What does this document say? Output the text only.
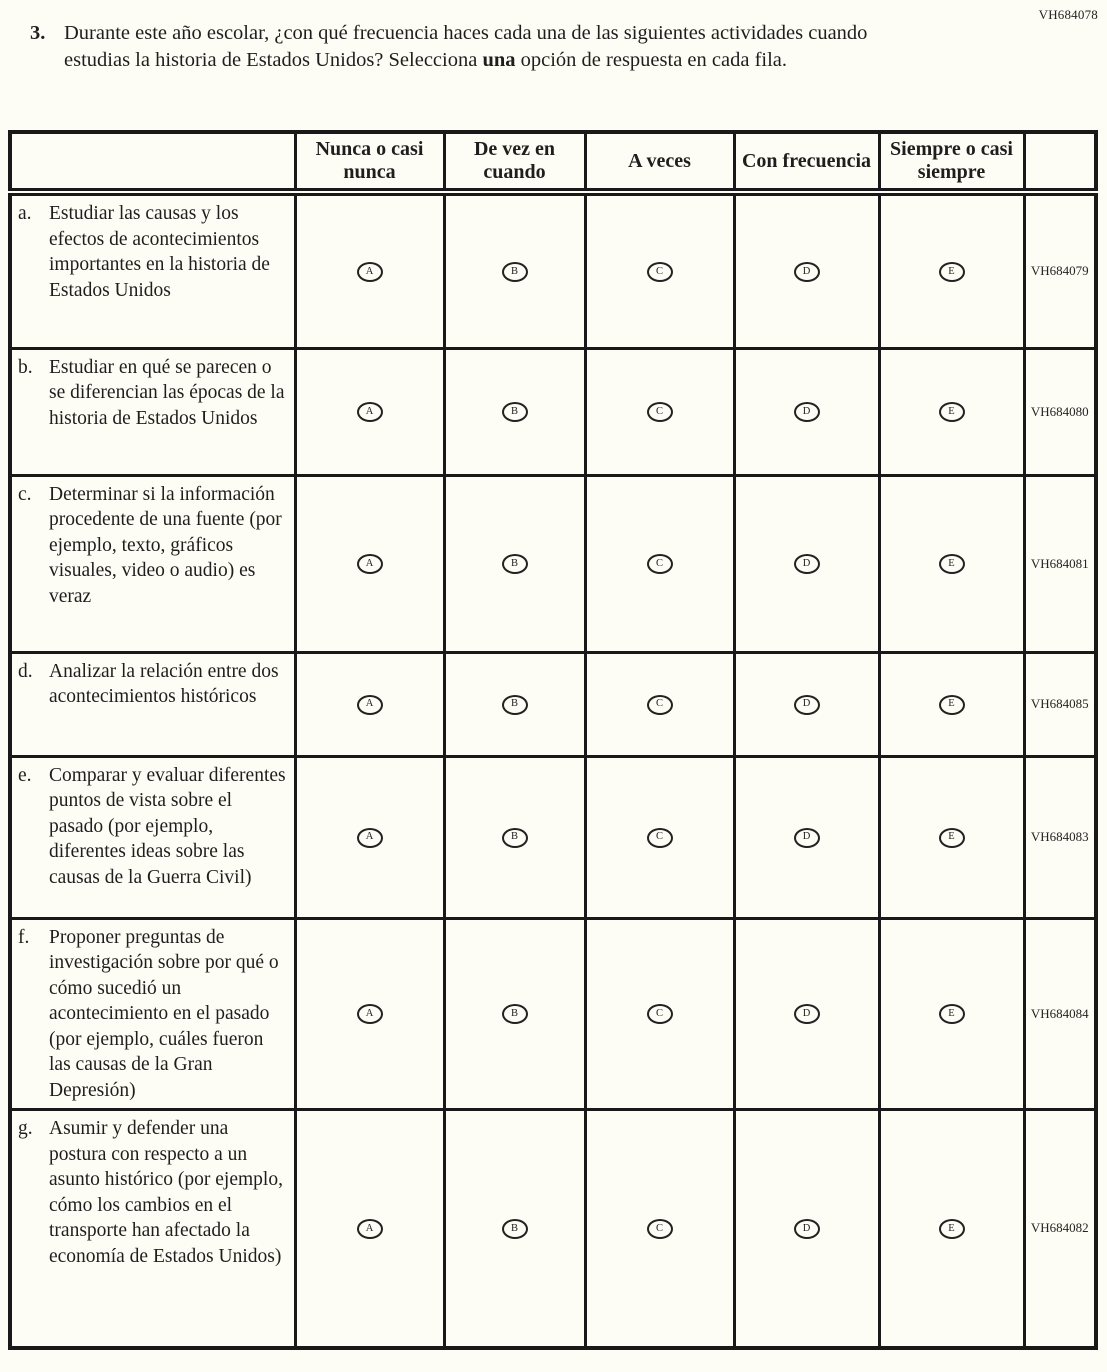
VH684078
3. Durante este año escolar, ¿con qué frecuencia haces cada una de las siguientes actividades cuando estudias la historia de Estados Unidos? Selecciona una opción de respuesta en cada fila.
	Nunca o casi nunca	De vez en cuando	A veces	Con frecuencia	Siempre o casi siempre	

a. Estudiar las causas y los efectos de acontecimientos importantes en la historia de Estados Unidos	A	B	C	D	E	VH684079

b. Estudiar en qué se parecen o se diferencian las épocas de la historia de Estados Unidos	A	B	C	D	E	VH684080

c. Determinar si la información procedente de una fuente (por ejemplo, texto, gráficos visuales, video o audio) es veraz	A	B	C	D	E	VH684081

d. Analizar la relación entre dos acontecimientos históricos	A	B	C	D	E	VH684085

e. Comparar y evaluar diferentes puntos de vista sobre el pasado (por ejemplo, diferentes ideas sobre las causas de la Guerra Civil)	A	B	C	D	E	VH684083

f. Proponer preguntas de investigación sobre por qué o cómo sucedió un acontecimiento en el pasado (por ejemplo, cuáles fueron las causas de la Gran Depresión)	A	B	C	D	E	VH684084

g. Asumir y defender una postura con respecto a un asunto histórico (por ejemplo, cómo los cambios en el transporte han afectado la economía de Estados Unidos)	A	B	C	D	E	VH684082
